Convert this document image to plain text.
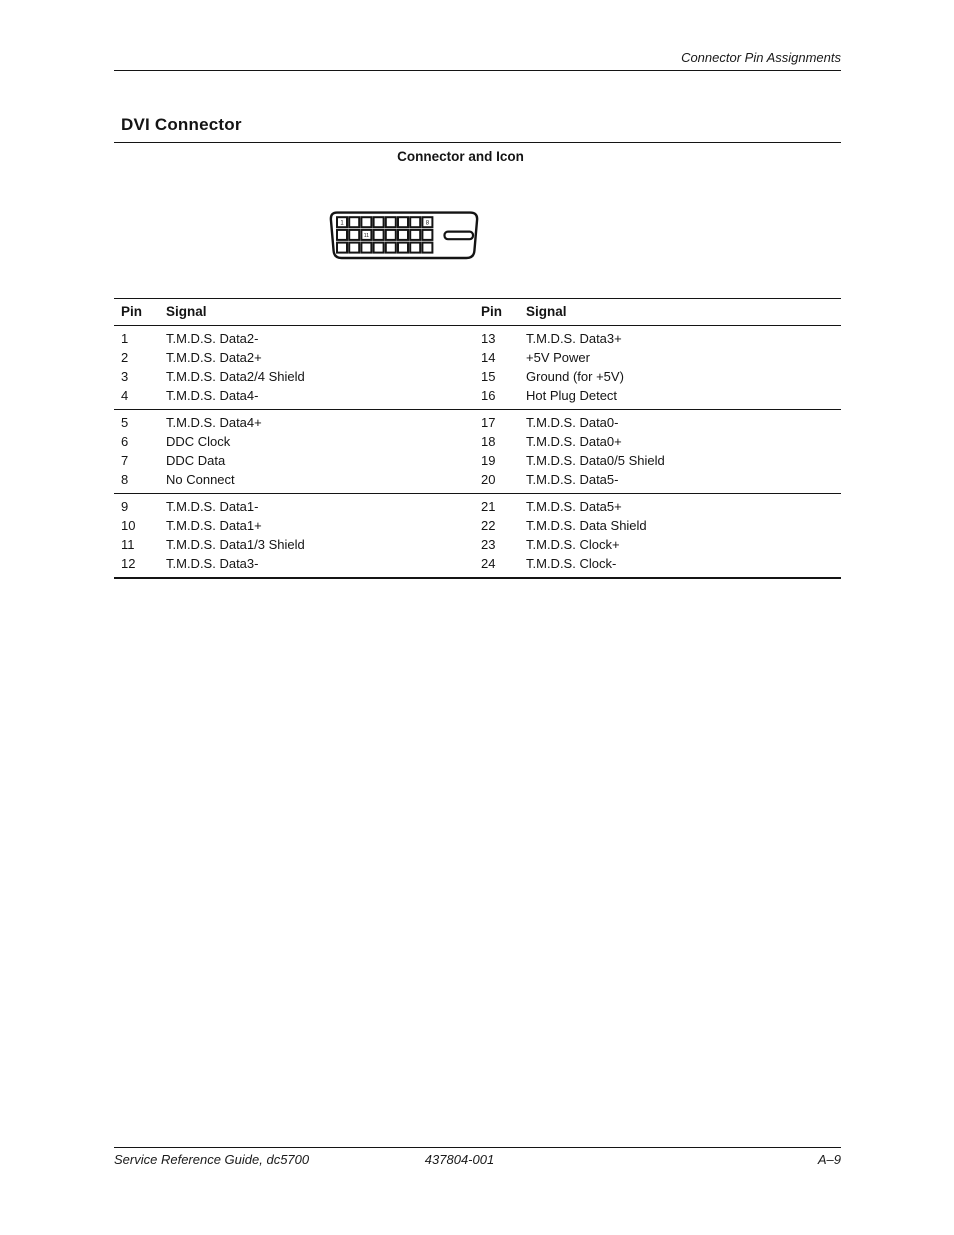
Connector Pin Assignments
DVI Connector
Connector and Icon
1	8
11
Pin	Signal	Pin	Signal
1	T.M.D.S. Data2-	13	T.M.D.S. Data3+
2	T.M.D.S. Data2+	14	+5V Power
3	T.M.D.S. Data2/4 Shield	15	Ground (for +5V)
4	T.M.D.S. Data4-	16	Hot Plug Detect
5	T.M.D.S. Data4+	17	T.M.D.S. Data0-
6	DDC Clock	18	T.M.D.S. Data0+
7	DDC Data	19	T.M.D.S. Data0/5 Shield
8	No Connect	20	T.M.D.S. Data5-
9	T.M.D.S. Data1-	21	T.M.D.S. Data5+
10	T.M.D.S. Data1+	22	T.M.D.S. Data Shield
11	T.M.D.S. Data1/3 Shield	23	T.M.D.S. Clock+
12	T.M.D.S. Data3-	24	T.M.D.S. Clock-
Service Reference Guide, dc5700	437804-001	A–9
